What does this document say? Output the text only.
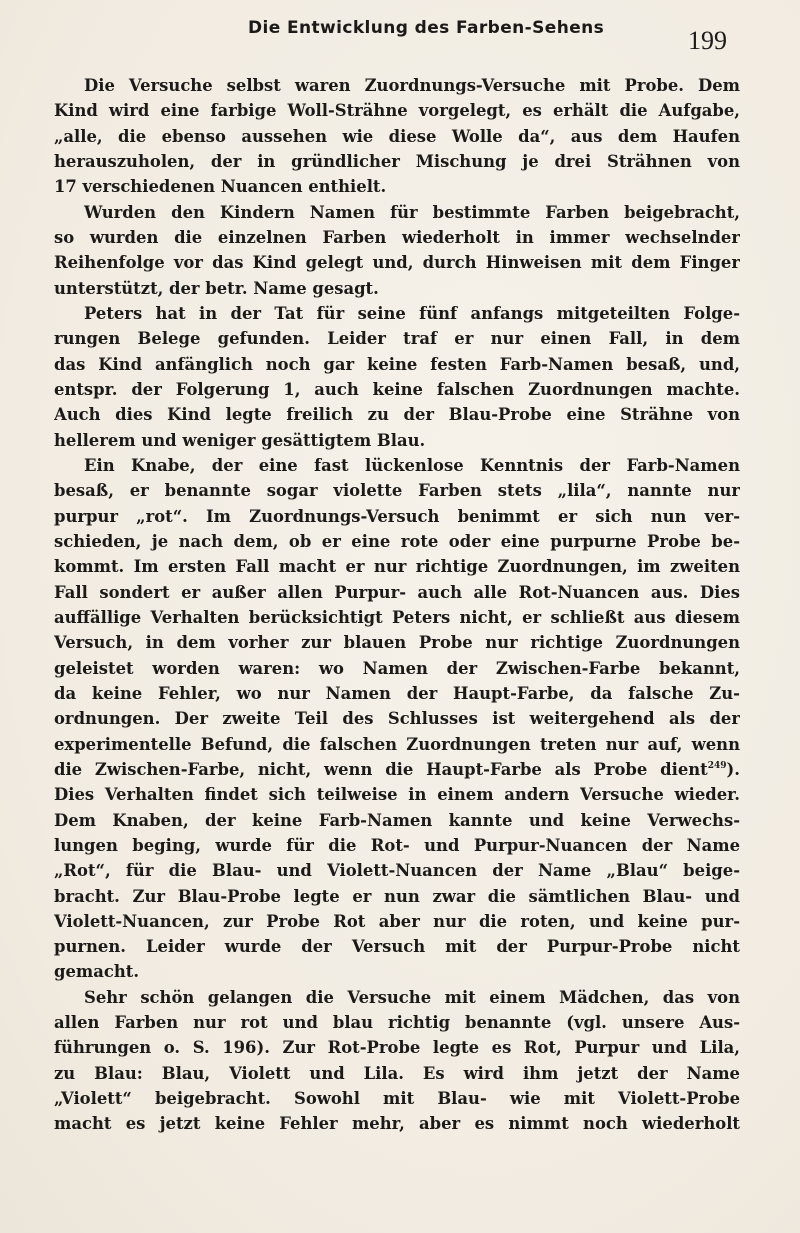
Die Entwicklung des Farben-Sehens	199
Die Versuche selbst waren Zuordnungs-Versuche mit Probe. Dem
Kind wird eine farbige Woll-Strähne vorgelegt, es erhält die Aufgabe,
„alle, die ebenso aussehen wie diese Wolle da“, aus dem Haufen
herauszuholen, der in gründlicher Mischung je drei Strähnen von
17 verschiedenen Nuancen enthielt.
Wurden den Kindern Namen für bestimmte Farben beigebracht,
so wurden die einzelnen Farben wiederholt in immer wechselnder
Reihenfolge vor das Kind gelegt und, durch Hinweisen mit dem Finger
unterstützt, der betr. Name gesagt.
Peters hat in der Tat für seine fünf anfangs mitgeteilten Folge-
rungen Belege gefunden. Leider traf er nur einen Fall, in dem
das Kind anfänglich noch gar keine festen Farb-Namen besaß, und,
entspr. der Folgerung 1, auch keine falschen Zuordnungen machte.
Auch dies Kind legte freilich zu der Blau-Probe eine Strähne von
hellerem und weniger gesättigtem Blau.
Ein Knabe, der eine fast lückenlose Kenntnis der Farb-Namen
besaß, er benannte sogar violette Farben stets „lila“, nannte nur
purpur „rot“. Im Zuordnungs-Versuch benimmt er sich nun ver-
schieden, je nach dem, ob er eine rote oder eine purpurne Probe be-
kommt. Im ersten Fall macht er nur richtige Zuordnungen, im zweiten
Fall sondert er außer allen Purpur- auch alle Rot-Nuancen aus. Dies
auffällige Verhalten berücksichtigt Peters nicht, er schließt aus diesem
Versuch, in dem vorher zur blauen Probe nur richtige Zuordnungen
geleistet worden waren: wo Namen der Zwischen-Farbe bekannt,
da keine Fehler, wo nur Namen der Haupt-Farbe, da falsche Zu-
ordnungen. Der zweite Teil des Schlusses ist weitergehend als der
experimentelle Befund, die falschen Zuordnungen treten nur auf, wenn
die Zwischen-Farbe, nicht, wenn die Haupt-Farbe als Probe dient$^{249}$).
Dies Verhalten findet sich teilweise in einem andern Versuche wieder.
Dem Knaben, der keine Farb-Namen kannte und keine Verwechs-
lungen beging, wurde für die Rot- und Purpur-Nuancen der Name
„Rot“, für die Blau- und Violett-Nuancen der Name „Blau“ beige-
bracht. Zur Blau-Probe legte er nun zwar die sämtlichen Blau- und
Violett-Nuancen, zur Probe Rot aber nur die roten, und keine pur-
purnen. Leider wurde der Versuch mit der Purpur-Probe nicht
gemacht.
Sehr schön gelangen die Versuche mit einem Mädchen, das von
allen Farben nur rot und blau richtig benannte (vgl. unsere Aus-
führungen o. S. 196). Zur Rot-Probe legte es Rot, Purpur und Lila,
zu Blau: Blau, Violett und Lila. Es wird ihm jetzt der Name
„Violett“ beigebracht. Sowohl mit Blau- wie mit Violett-Probe
macht es jetzt keine Fehler mehr, aber es nimmt noch wiederholt
